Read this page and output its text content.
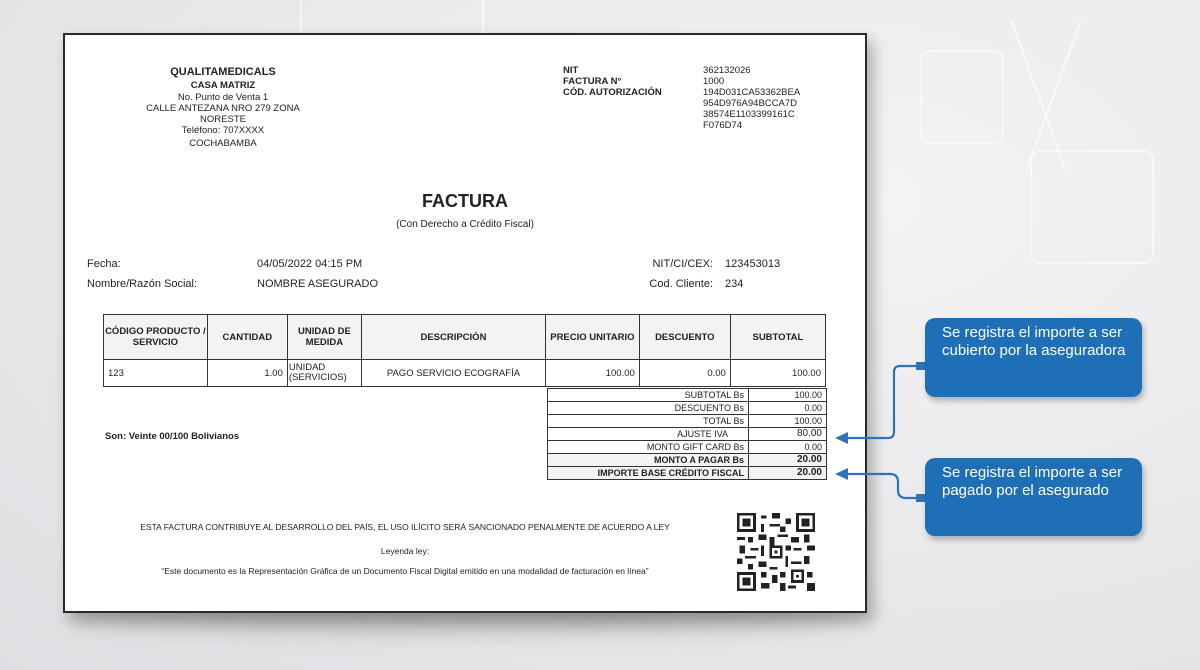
QUALITAMEDICALS
CASA MATRIZ
No. Punto de Venta 1
CALLE ANTEZANA NRO 279 ZONA
NORESTE
Teléfono: 707XXXX
COCHABAMBA
NIT	362132026
FACTURA N°	1000
CÓD. AUTORIZACIÓN	194D031CA53362BEA
954D976A94BCCA7D
38574E1103399161C
F076D74
FACTURA
(Con Derecho a Crédito Fiscal)
Fecha:	04/05/2022 04:15 PM
Nombre/Razón Social:	NOMBRE ASEGURADO
NIT/CI/CEX: 123453013
Cod. Cliente: 234
CÓDIGO PRODUCTO / SERVICIO	CANTIDAD	UNIDAD DE MEDIDA	DESCRIPCIÓN	PRECIO UNITARIO	DESCUENTO	SUBTOTAL
123	1.00	UNIDAD (SERVICIOS)	PAGO SERVICIO ECOGRAFÍA	100.00	0.00	100.00
SUBTOTAL Bs	100.00
DESCUENTO Bs	0.00
TOTAL Bs	100.00
AJUSTE IVA	80.00
MONTO GIFT CARD Bs	0.00
MONTO A PAGAR Bs	20.00
IMPORTE BASE CRÉDITO FISCAL	20.00
Son: Veinte 00/100 Bolivianos
ESTA FACTURA CONTRIBUYE AL DESARROLLO DEL PAÍS, EL USO ILÍCITO SERÁ SANCIONADO PENALMENTE DE ACUERDO A LEY
Leyenda ley:
“Este documento es la Representación Gráfica de un Documento Fiscal Digital emitido en una modalidad de facturación en línea”
Se registra el importe a ser cubierto por la aseguradora
Se registra el importe a ser pagado por el asegurado
